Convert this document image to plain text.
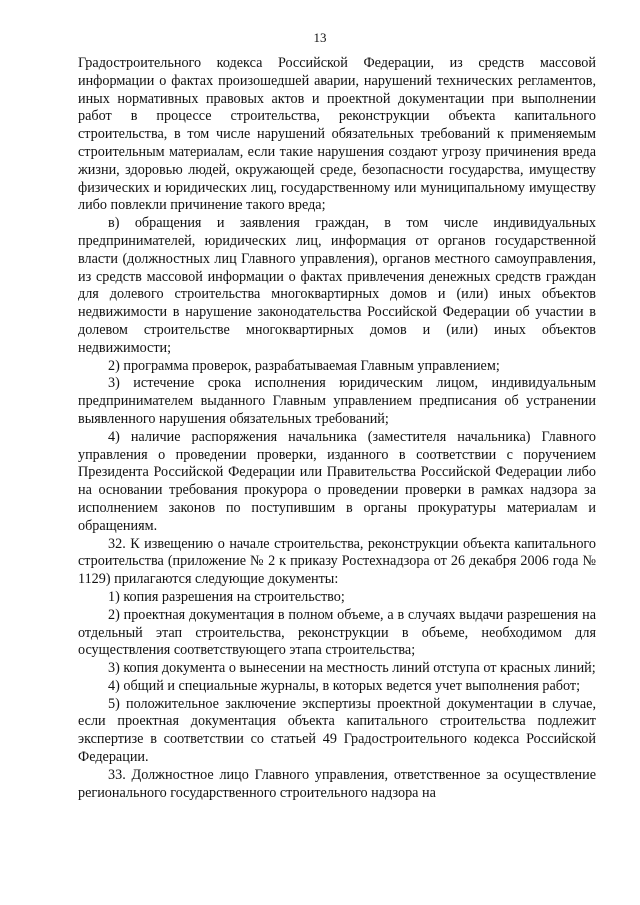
13

Градостроительного кодекса Российской Федерации, из средств массовой информации о фактах произошедшей аварии, нарушений технических регламентов, иных нормативных правовых актов и проектной документации при выполнении работ в процессе строительства, реконструкции объекта капитального строительства, в том числе нарушений обязательных требований к применяемым строительным материалам, если такие нарушения создают угрозу причинения вреда жизни, здоровью людей, окружающей среде, безопасности государства, имуществу физических и юридических лиц, государственному или муниципальному имуществу либо повлекли причинение такого вреда;

в) обращения и заявления граждан, в том числе индивидуальных предпринимателей, юридических лиц, информация от органов государственной власти (должностных лиц Главного управления), органов местного самоуправления, из средств массовой информации о фактах привлечения денежных средств граждан для долевого строительства многоквартирных домов и (или) иных объектов недвижимости в нарушение законодательства Российской Федерации об участии в долевом строительстве многоквартирных домов и (или) иных объектов недвижимости;

2) программа проверок, разрабатываемая Главным управлением;

3) истечение срока исполнения юридическим лицом, индивидуальным предпринимателем выданного Главным управлением предписания об устранении выявленного нарушения обязательных требований;

4) наличие распоряжения начальника (заместителя начальника) Главного управления о проведении проверки, изданного в соответствии с поручением Президента Российской Федерации или Правительства Российской Федерации либо на основании требования прокурора о проведении проверки в рамках надзора за исполнением законов по поступившим в органы прокуратуры материалам и обращениям.

32. К извещению о начале строительства, реконструкции объекта капитального строительства (приложение № 2 к приказу Ростехнадзора от 26 декабря 2006 года № 1129) прилагаются следующие документы:

1) копия разрешения на строительство;

2) проектная документация в полном объеме, а в случаях выдачи разрешения на отдельный этап строительства, реконструкции в объеме, необходимом для осуществления соответствующего этапа строительства;

3) копия документа о вынесении на местность линий отступа от красных линий;

4) общий и специальные журналы, в которых ведется учет выполнения работ;

5) положительное заключение экспертизы проектной документации в случае, если проектная документация объекта капитального строительства подлежит экспертизе в соответствии со статьей 49 Градостроительного кодекса Российской Федерации.

33. Должностное лицо Главного управления, ответственное за осуществление регионального государственного строительного надзора на
